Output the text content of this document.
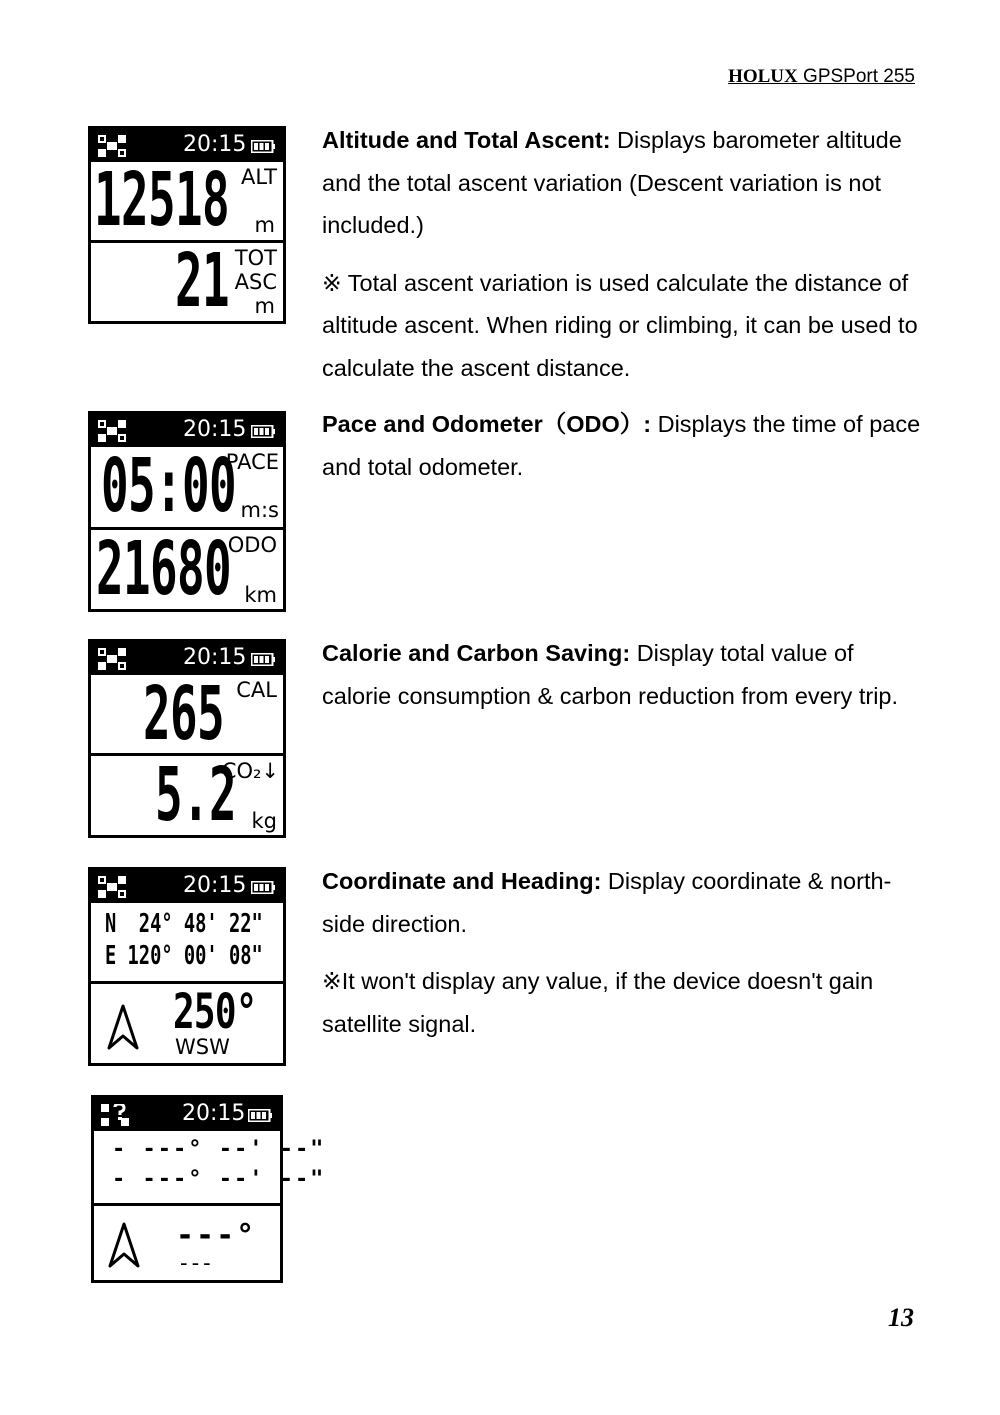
HOLUX GPSPort 255
20:15
12518 ALT
m
21 TOT
ASC
m
20:15
05:00
PACE
m:s
21680
ODO
km
20:15
265 CAL
5.2
CO₂↓
kg
20:15
N  24° 48' 22"
E 120° 00' 08"
250°
WSW
20:15
- ---° --' --"
- ---° --' --"
---°
---

Altitude and Total Ascent: Displays barometer altitude and the total ascent variation (Descent variation is not included.)

※ Total ascent variation is used calculate the distance of altitude ascent. When riding or climbing, it can be used to calculate the ascent distance.

Pace and Odometer（ODO）: Displays the time of pace and total odometer.

Calorie and Carbon Saving: Display total value of calorie consumption & carbon reduction from every trip.

Coordinate and Heading: Display coordinate & north-side direction.

※It won't display any value, if the device doesn't gain satellite signal.

13
